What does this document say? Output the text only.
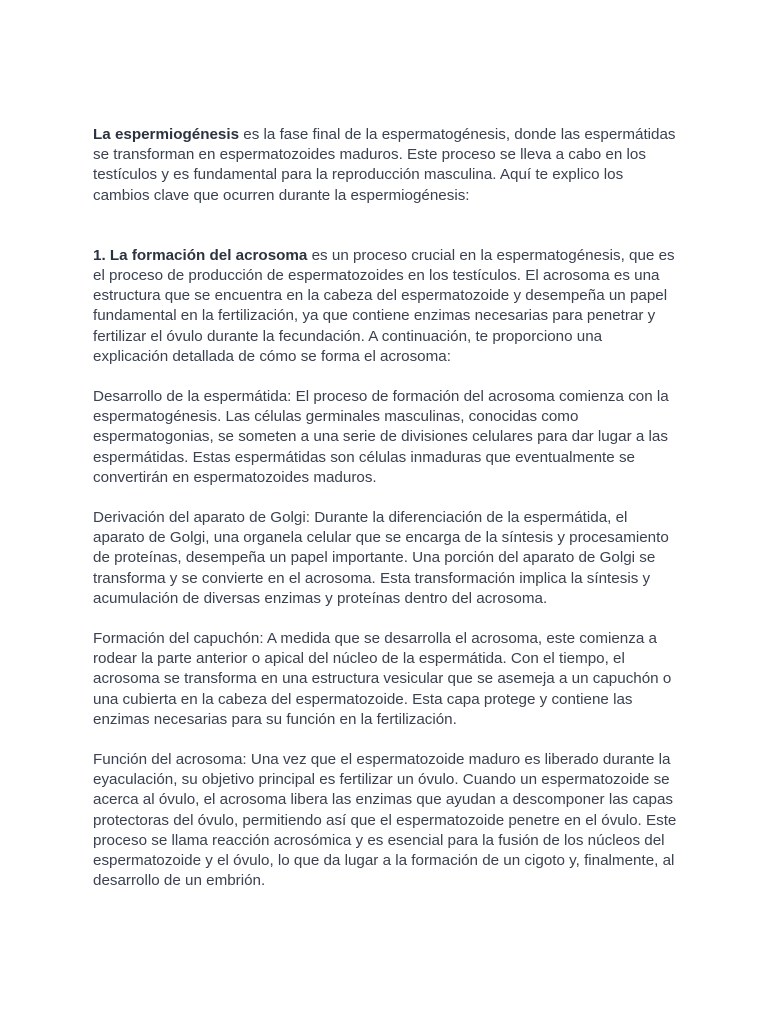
La espermiogénesis es la fase final de la espermatogénesis, donde las espermátidas se transforman en espermatozoides maduros. Este proceso se lleva a cabo en los testículos y es fundamental para la reproducción masculina. Aquí te explico los cambios clave que ocurren durante la espermiogénesis:

1. La formación del acrosoma es un proceso crucial en la espermatogénesis, que es el proceso de producción de espermatozoides en los testículos. El acrosoma es una estructura que se encuentra en la cabeza del espermatozoide y desempeña un papel fundamental en la fertilización, ya que contiene enzimas necesarias para penetrar y fertilizar el óvulo durante la fecundación. A continuación, te proporciono una explicación detallada de cómo se forma el acrosoma:

Desarrollo de la espermátida: El proceso de formación del acrosoma comienza con la espermatogénesis. Las células germinales masculinas, conocidas como espermatogonias, se someten a una serie de divisiones celulares para dar lugar a las espermátidas. Estas espermátidas son células inmaduras que eventualmente se convertirán en espermatozoides maduros.

Derivación del aparato de Golgi: Durante la diferenciación de la espermátida, el aparato de Golgi, una organela celular que se encarga de la síntesis y procesamiento de proteínas, desempeña un papel importante. Una porción del aparato de Golgi se transforma y se convierte en el acrosoma. Esta transformación implica la síntesis y acumulación de diversas enzimas y proteínas dentro del acrosoma.

Formación del capuchón: A medida que se desarrolla el acrosoma, este comienza a rodear la parte anterior o apical del núcleo de la espermátida. Con el tiempo, el acrosoma se transforma en una estructura vesicular que se asemeja a un capuchón o una cubierta en la cabeza del espermatozoide. Esta capa protege y contiene las enzimas necesarias para su función en la fertilización.

Función del acrosoma: Una vez que el espermatozoide maduro es liberado durante la eyaculación, su objetivo principal es fertilizar un óvulo. Cuando un espermatozoide se acerca al óvulo, el acrosoma libera las enzimas que ayudan a descomponer las capas protectoras del óvulo, permitiendo así que el espermatozoide penetre en el óvulo. Este proceso se llama reacción acrosómica y es esencial para la fusión de los núcleos del espermatozoide y el óvulo, lo que da lugar a la formación de un cigoto y, finalmente, al desarrollo de un embrión.
